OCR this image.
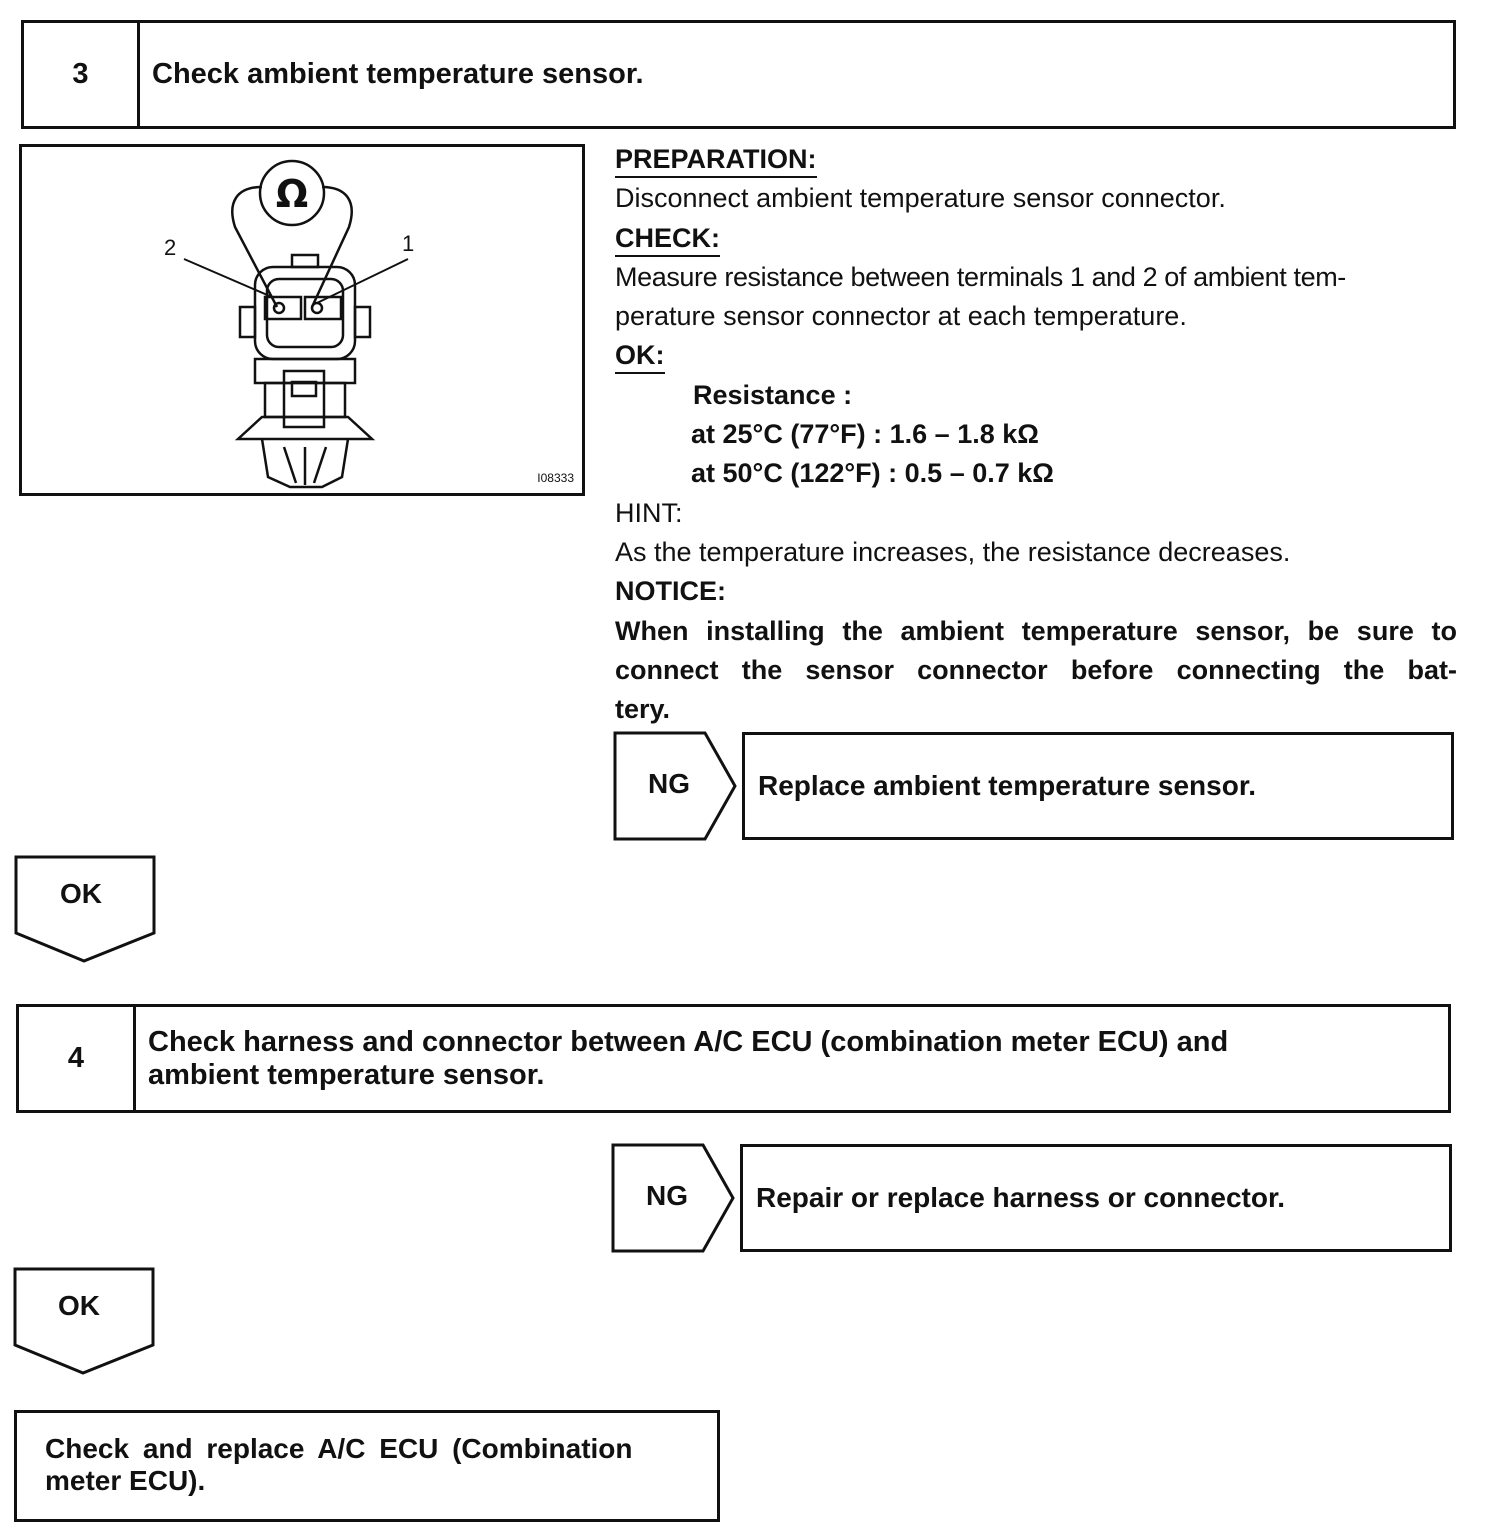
3	Check ambient temperature sensor.
Ω
2	1
I08333
PREPARATION:
Disconnect ambient temperature sensor connector.
CHECK:
Measure resistance between terminals 1 and 2 of ambient tem-
perature sensor connector at each temperature.
OK:
Resistance :
at 25°C (77°F) : 1.6 – 1.8 kΩ
at 50°C (122°F) : 0.5 – 0.7 kΩ
HINT:
As the temperature increases, the resistance decreases.
NOTICE:
When installing the ambient temperature sensor, be sure to
connect the sensor connector before connecting the bat-
tery.
NG Replace ambient temperature sensor.
OK
4
Check harness and connector between A/C ECU (combination meter ECU) and
ambient temperature sensor.
NG Repair or replace harness or connector.
OK
Check and replace A/C ECU (Combination
meter ECU).
